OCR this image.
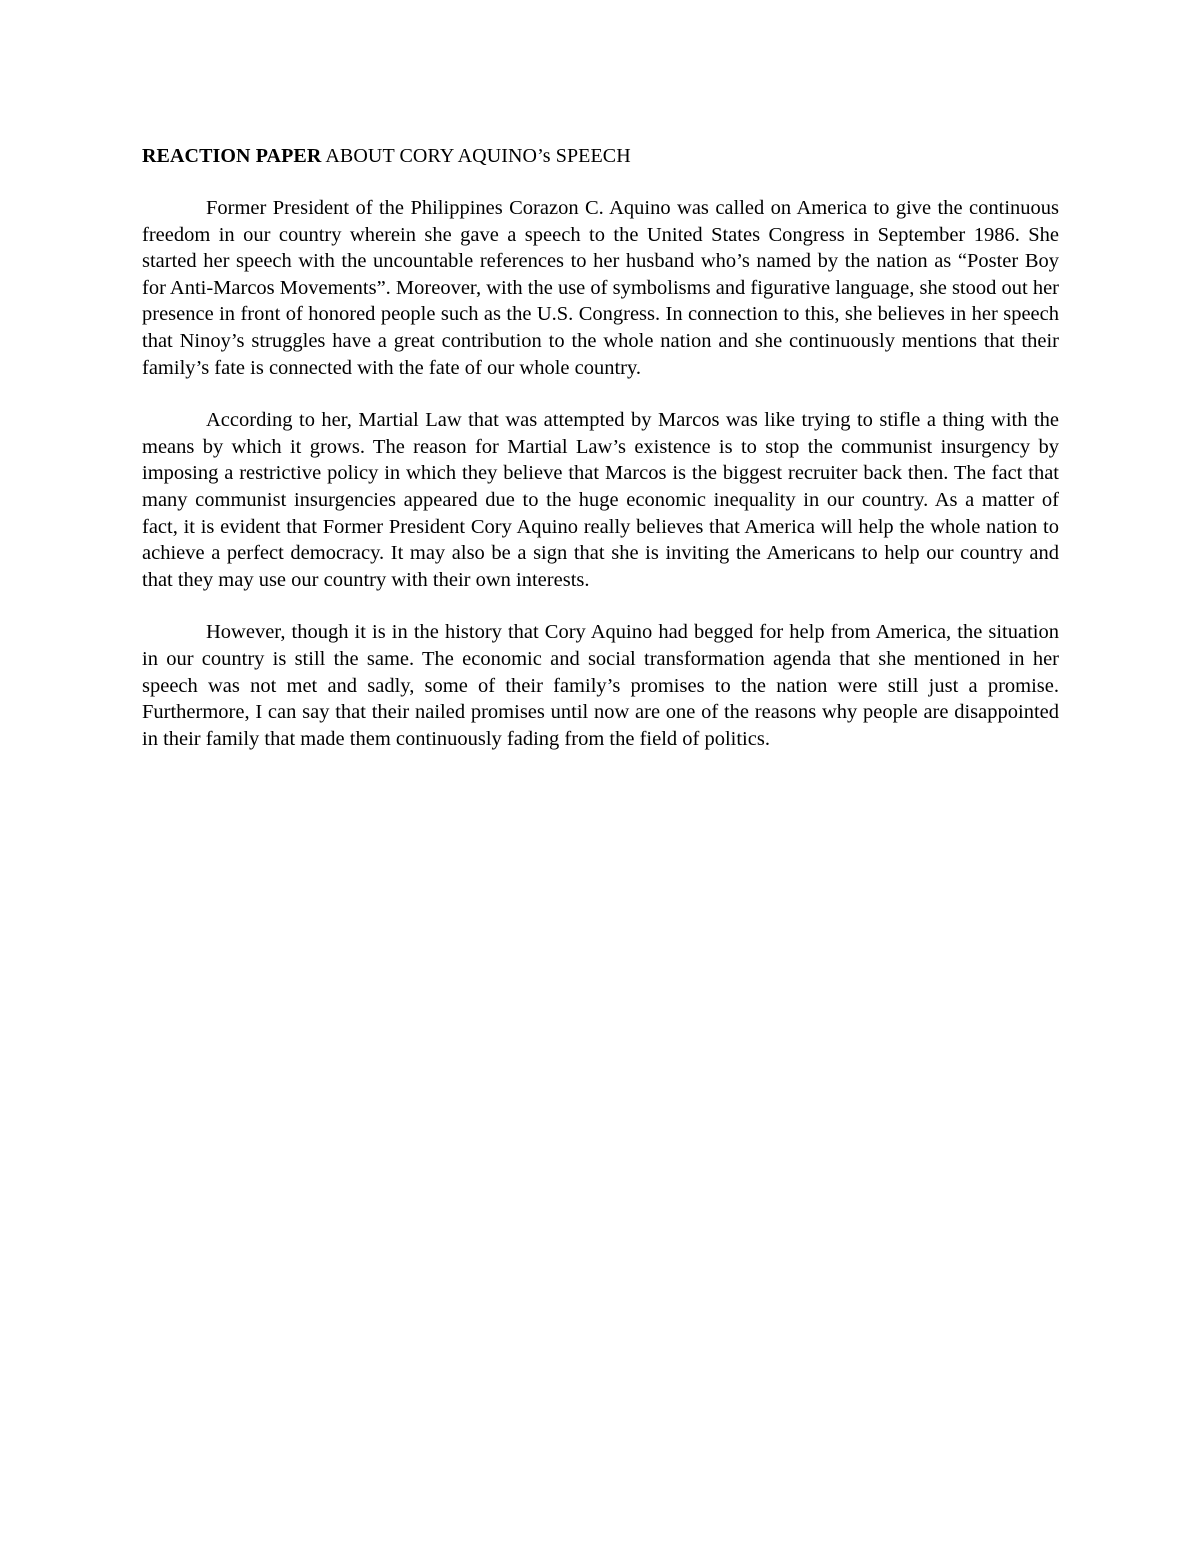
REACTION PAPER ABOUT CORY AQUINO’s SPEECH

Former President of the Philippines Corazon C. Aquino was called on America to give the continuous freedom in our country wherein she gave a speech to the United States Congress in September 1986. She started her speech with the uncountable references to her husband who’s named by the nation as “Poster Boy for Anti-Marcos Movements”. Moreover, with the use of symbolisms and figurative language, she stood out her presence in front of honored people such as the U.S. Congress. In connection to this, she believes in her speech that Ninoy’s struggles have a great contribution to the whole nation and she continuously mentions that their family’s fate is connected with the fate of our whole country.

According to her, Martial Law that was attempted by Marcos was like trying to stifle a thing with the means by which it grows. The reason for Martial Law’s existence is to stop the communist insurgency by imposing a restrictive policy in which they believe that Marcos is the biggest recruiter back then. The fact that many communist insurgencies appeared due to the huge economic inequality in our country. As a matter of fact, it is evident that Former President Cory Aquino really believes that America will help the whole nation to achieve a perfect democracy. It may also be a sign that she is inviting the Americans to help our country and that they may use our country with their own interests.

However, though it is in the history that Cory Aquino had begged for help from America, the situation in our country is still the same. The economic and social transformation agenda that she mentioned in her speech was not met and sadly, some of their family’s promises to the nation were still just a promise. Furthermore, I can say that their nailed promises until now are one of the reasons why people are disappointed in their family that made them continuously fading from the field of politics.
